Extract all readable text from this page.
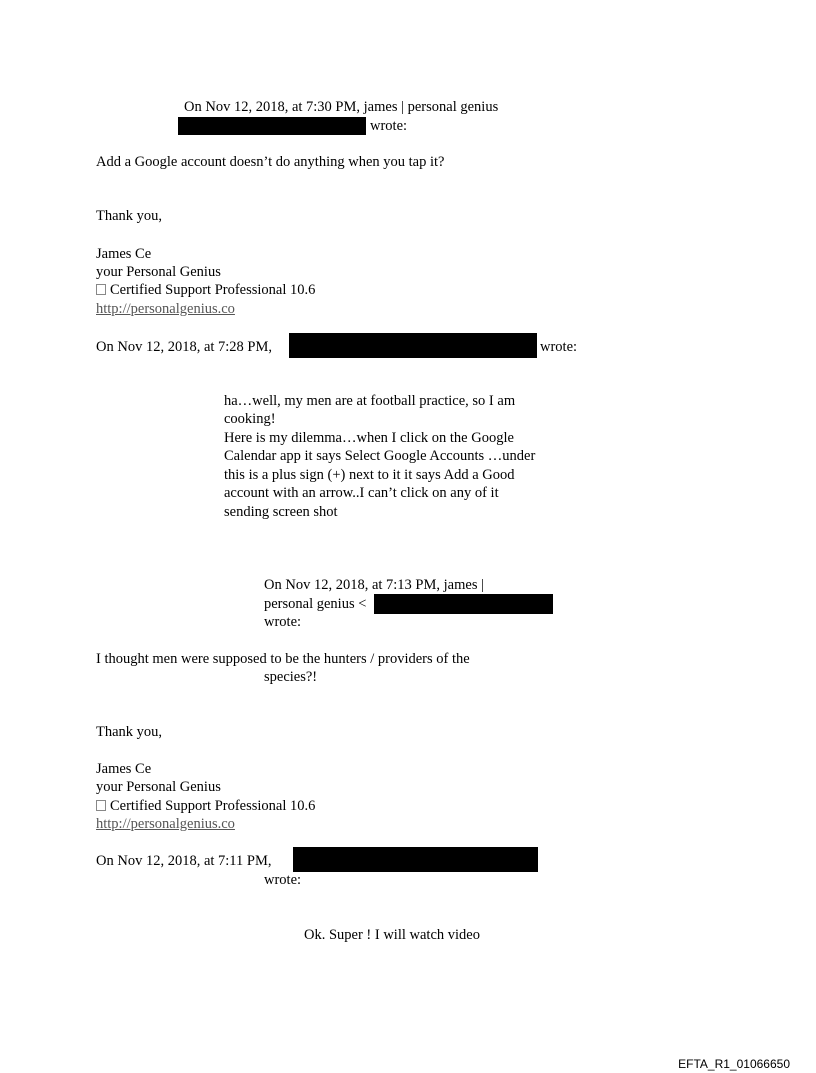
On Nov 12, 2018, at 7:30 PM, james | personal genius
wrote:
Add a Google account doesn’t do anything when you tap it?
Thank you,
James Ce
your Personal Genius
Certified Support Professional 10.6
http://personalgenius.co
On Nov 12, 2018, at 7:28 PM,	wrote:
ha…well, my men are at football practice, so I am
cooking!
Here is my dilemma…when I click on the Google
Calendar app it says Select Google Accounts …under
this is a plus sign (+) next to it it says Add a Good
account with an arrow..I can’t click on any of it
sending screen shot
On Nov 12, 2018, at 7:13 PM, james |
personal genius <
wrote:
I thought men were supposed to be the hunters / providers of the
species?!
Thank you,
James Ce
your Personal Genius
Certified Support Professional 10.6
http://personalgenius.co
On Nov 12, 2018, at 7:11 PM,
wrote:
Ok. Super ! I will watch video
EFTA_R1_01066650
